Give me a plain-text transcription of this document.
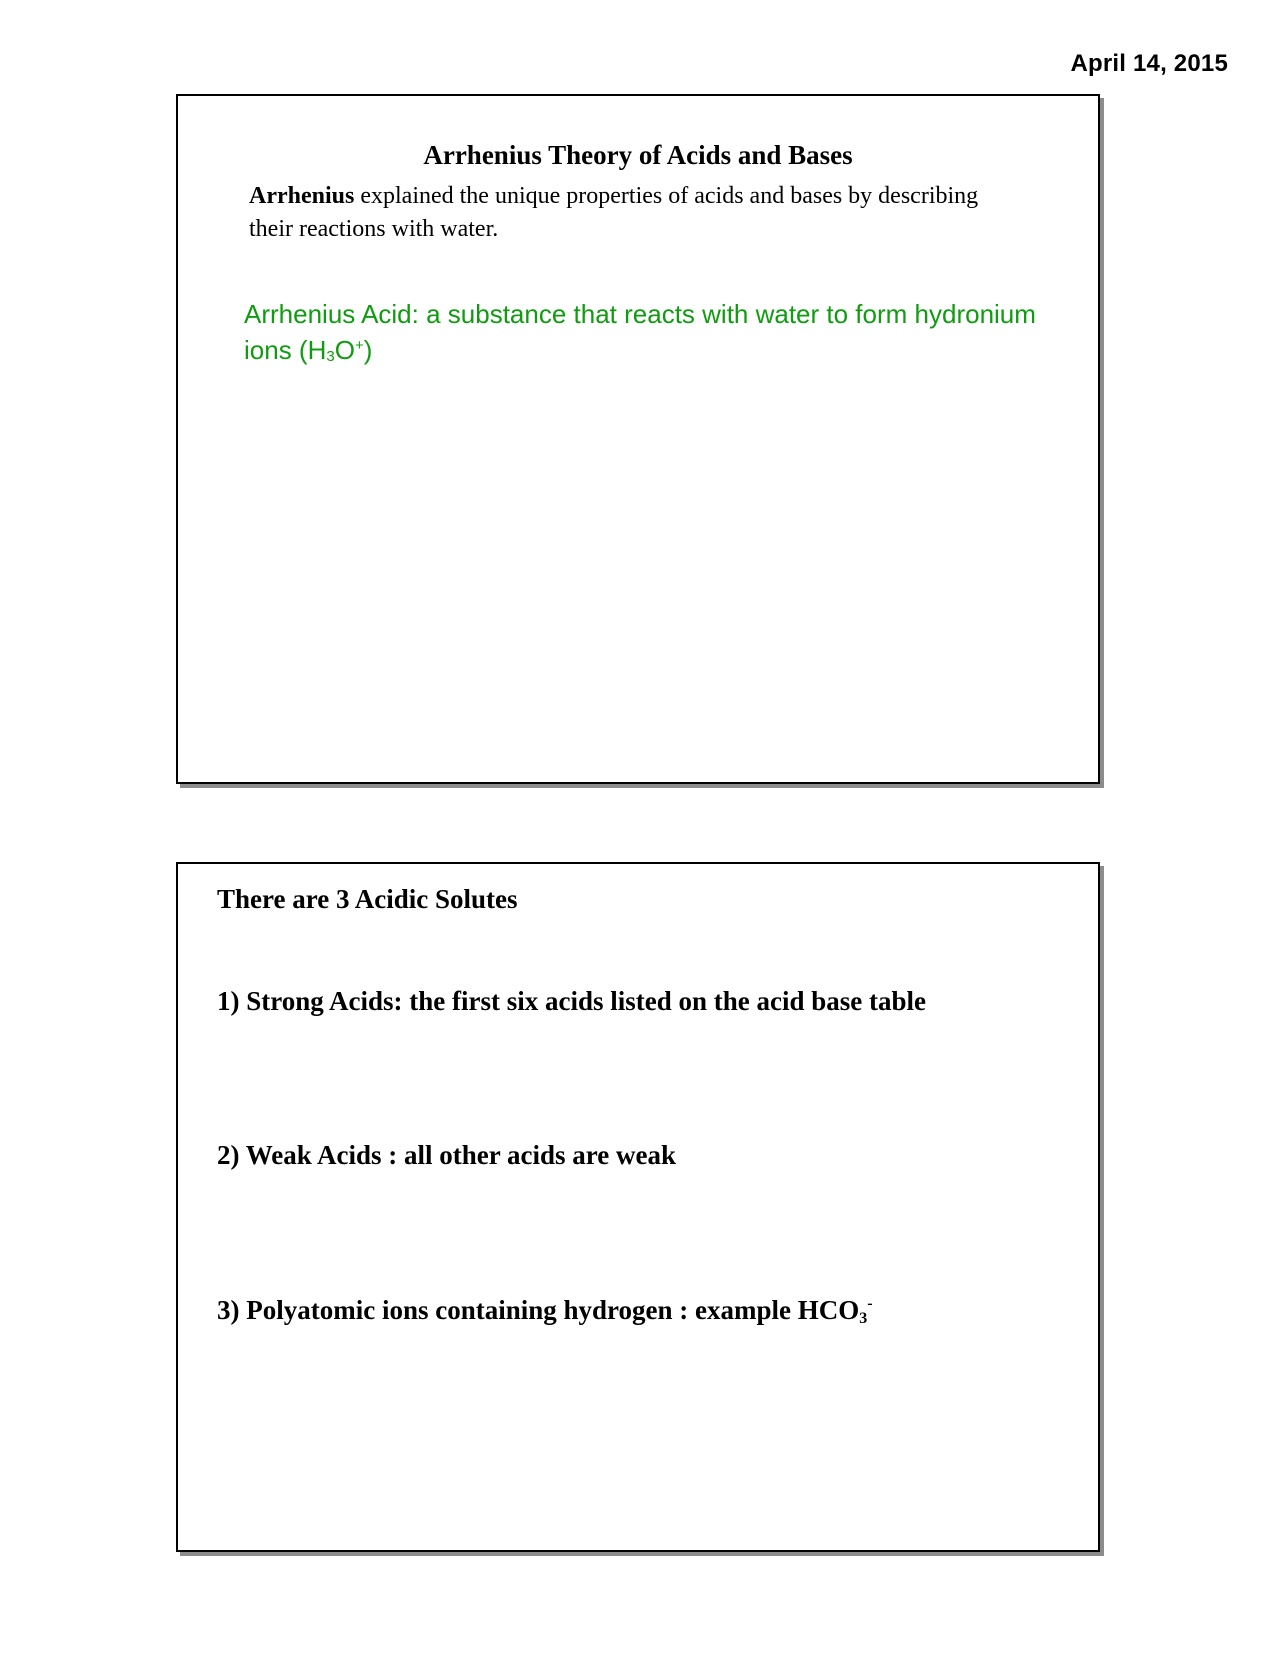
April 14, 2015
Arrhenius Theory of Acids and Bases
Arrhenius explained the unique properties of acids and bases by describing their reactions with water.
Arrhenius Acid: a substance that reacts with water to form hydronium ions (H3O+)
There are 3 Acidic Solutes
1) Strong Acids: the first six acids listed on the acid base table
2) Weak Acids : all other acids are weak
3) Polyatomic ions containing hydrogen : example HCO3-
